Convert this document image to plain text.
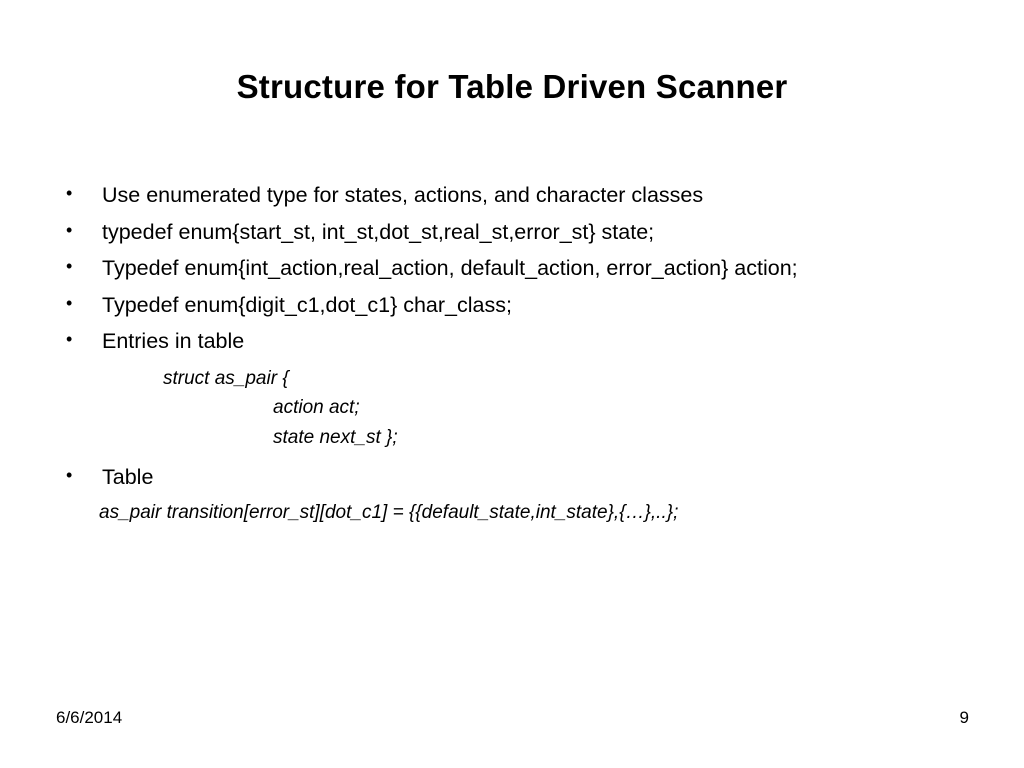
Structure for Table Driven Scanner
• Use enumerated type for states, actions, and character classes
• typedef enum{start_st, int_st,dot_st,real_st,error_st} state;
• Typedef enum{int_action,real_action, default_action, error_action} action;
• Typedef enum{digit_c1,dot_c1} char_class;
• Entries in table

struct as_pair {

action act;

state next_st };

• Table

as_pair transition[error_st][dot_c1] = {{default_state,int_state},{…},..};

6/6/2014	9
